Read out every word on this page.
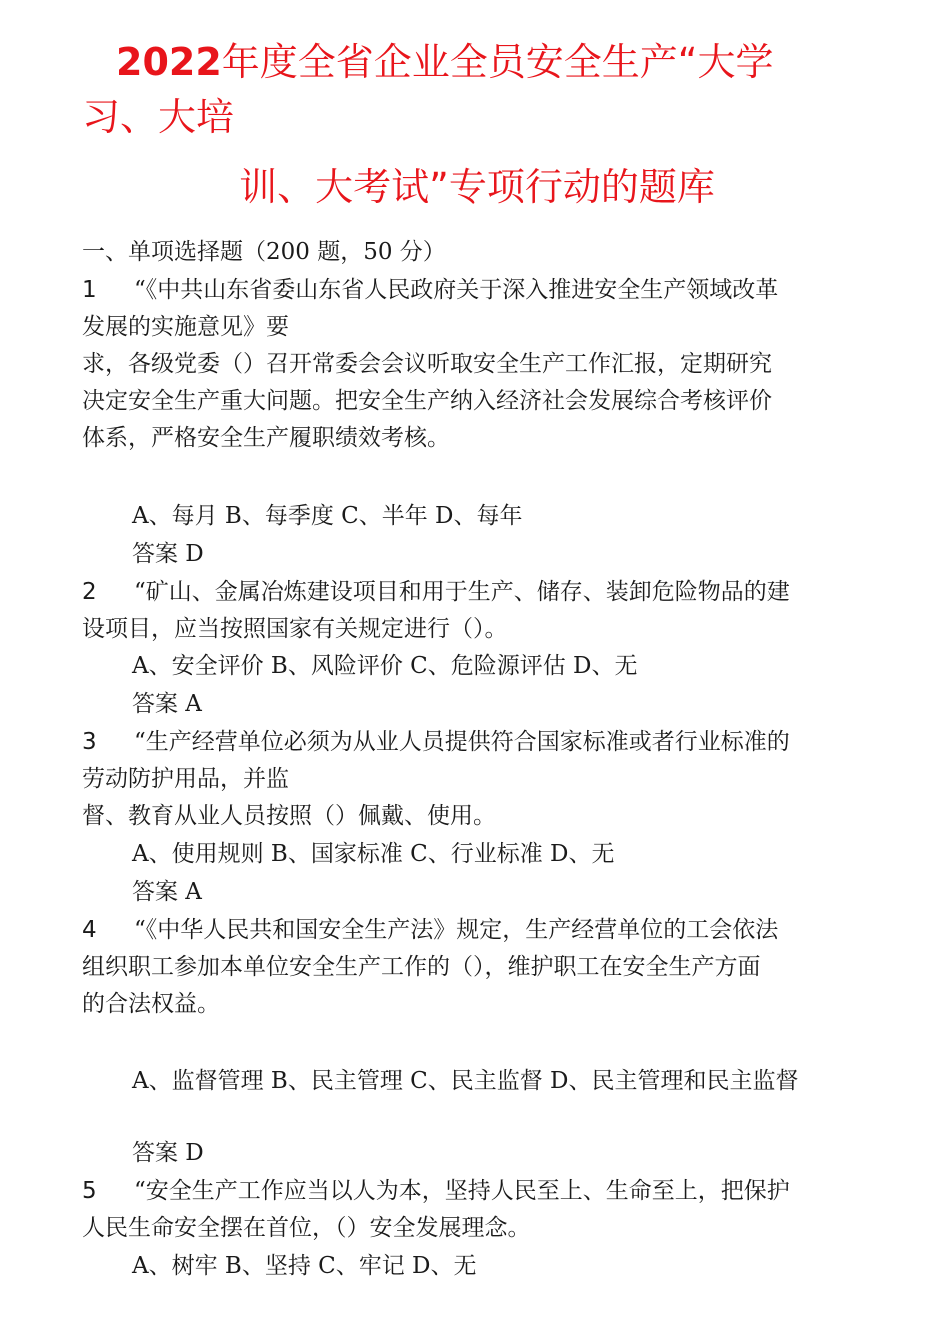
2022年度全省企业全员安全生产“大学
习、大培
训、大考试”专项行动的题库
一、单项选择题（200 题，50 分）
1 “《中共山东省委山东省人民政府关于深入推进安全生产领域改革
发展的实施意见》要
求，各级党委（）召开常委会会议听取安全生产工作汇报，定期研究
决定安全生产重大问题。把安全生产纳入经济社会发展综合考核评价
体系，严格安全生产履职绩效考核。
A、每月 B、每季度 C、半年 D、每年
答案 D
2 “矿山、金属冶炼建设项目和用于生产、储存、装卸危险物品的建
设项目，应当按照国家有关规定进行（）。
A、安全评价 B、风险评价 C、危险源评估 D、无
答案 A
3 “生产经营单位必须为从业人员提供符合国家标准或者行业标准的
劳动防护用品，并监
督、教育从业人员按照（）佩戴、使用。
A、使用规则 B、国家标准 C、行业标准 D、无
答案 A
4 “《中华人民共和国安全生产法》规定，生产经营单位的工会依法
组织职工参加本单位安全生产工作的（），维护职工在安全生产方面
的合法权益。
A、监督管理 B、民主管理 C、民主监督 D、民主管理和民主监督
答案 D
5 “安全生产工作应当以人为本，坚持人民至上、生命至上，把保护
人民生命安全摆在首位，（）安全发展理念。
A、树牢 B、坚持 C、牢记 D、无
